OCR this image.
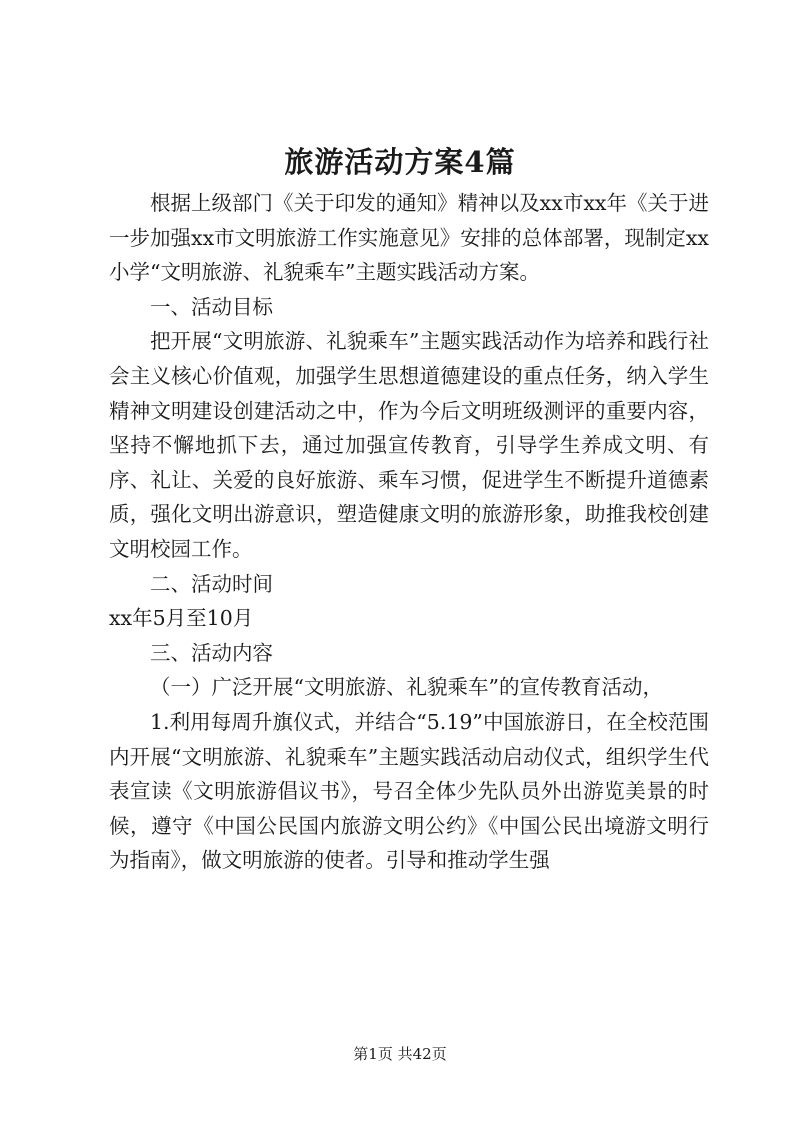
旅游活动方案4篇

根据上级部门《关于印发的通知》精神以及xx市xx年《关于进一步加强xx市文明旅游工作实施意见》安排的总体部署，现制定xx小学“文明旅游、礼貌乘车”主题实践活动方案。

一、活动目标

把开展“文明旅游、礼貌乘车”主题实践活动作为培养和践行社会主义核心价值观，加强学生思想道德建设的重点任务，纳入学生精神文明建设创建活动之中，作为今后文明班级测评的重要内容，坚持不懈地抓下去，通过加强宣传教育，引导学生养成文明、有序、礼让、关爱的良好旅游、乘车习惯，促进学生不断提升道德素质，强化文明出游意识，塑造健康文明的旅游形象，助推我校创建文明校园工作。

二、活动时间

xx年5月至10月

三、活动内容

（一）广泛开展“文明旅游、礼貌乘车”的宣传教育活动，

1.利用每周升旗仪式，并结合“5.19”中国旅游日，在全校范围内开展“文明旅游、礼貌乘车”主题实践活动启动仪式，组织学生代表宣读《文明旅游倡议书》，号召全体少先队员外出游览美景的时候，遵守《中国公民国内旅游文明公约》《中国公民出境游文明行为指南》，做文明旅游的使者。引导和推动学生强

第1页 共42页
